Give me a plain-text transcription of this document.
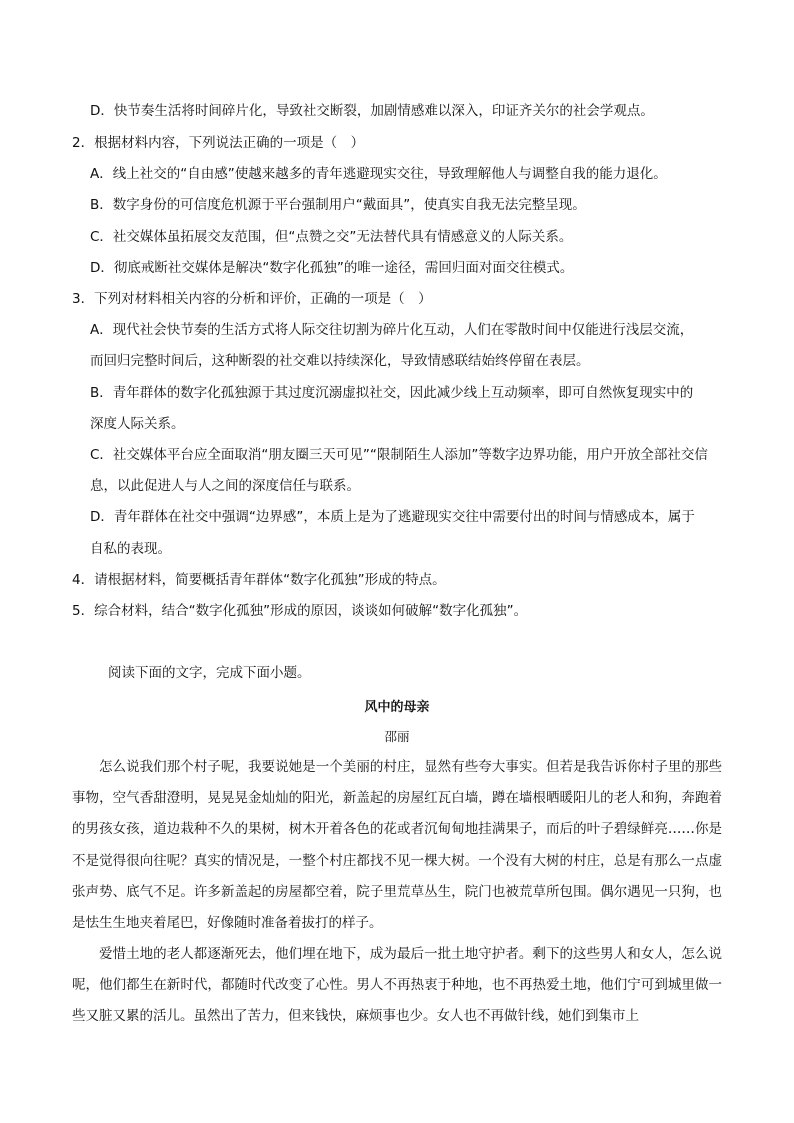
D．快节奏生活将时间碎片化，导致社交断裂，加剧情感难以深入，印证齐关尔的社会学观点。
2．根据材料内容，下列说法正确的一项是（　）
A．线上社交的“自由感”使越来越多的青年逃避现实交往，导致理解他人与调整自我的能力退化。
B．数字身份的可信度危机源于平台强制用户“戴面具”，使真实自我无法完整呈现。
C．社交媒体虽拓展交友范围，但“点赞之交”无法替代具有情感意义的人际关系。
D．彻底戒断社交媒体是解决“数字化孤独”的唯一途径，需回归面对面交往模式。
3．下列对材料相关内容的分析和评价，正确的一项是（　）
A．现代社会快节奏的生活方式将人际交往切割为碎片化互动，人们在零散时间中仅能进行浅层交流，
而回归完整时间后，这种断裂的社交难以持续深化，导致情感联结始终停留在表层。
B．青年群体的数字化孤独源于其过度沉溺虚拟社交，因此减少线上互动频率，即可自然恢复现实中的
深度人际关系。
C．社交媒体平台应全面取消“朋友圈三天可见”“限制陌生人添加”等数字边界功能，用户开放全部社交信
息，以此促进人与人之间的深度信任与联系。
D．青年群体在社交中强调“边界感”，本质上是为了逃避现实交往中需要付出的时间与情感成本，属于
自私的表现。
4．请根据材料，简要概括青年群体“数字化孤独”形成的特点。
5．综合材料，结合“数字化孤独”形成的原因，谈谈如何破解“数字化孤独”。
阅读下面的文字，完成下面小题。
风中的母亲
邵丽

怎么说我们那个村子呢，我要说她是一个美丽的村庄，显然有些夸大事实。但若是我告诉你村子里的那些事物，空气香甜澄明，晃晃晃金灿灿的阳光，新盖起的房屋红瓦白墙，蹲在墙根晒暖阳儿的老人和狗，奔跑着的男孩女孩，道边栽种不久的果树，树木开着各色的花或者沉甸甸地挂满果子，而后的叶子碧绿鲜亮……你是不是觉得很向往呢？真实的情况是，一整个村庄都找不见一棵大树。一个没有大树的村庄，总是有那么一点虚张声势、底气不足。许多新盖起的房屋都空着，院子里荒草丛生，院门也被荒草所包围。偶尔遇见一只狗，也是怯生生地夹着尾巴，好像随时准备着拔打的样子。

爱惜土地的老人都逐渐死去，他们埋在地下，成为最后一批土地守护者。剩下的这些男人和女人，怎么说呢，他们都生在新时代，都随时代改变了心性。男人不再热衷于种地，也不再热爱土地，他们宁可到城里做一些又脏又累的活儿。虽然出了苦力，但来钱快，麻烦事也少。女人也不再做针线，她们到集市上
